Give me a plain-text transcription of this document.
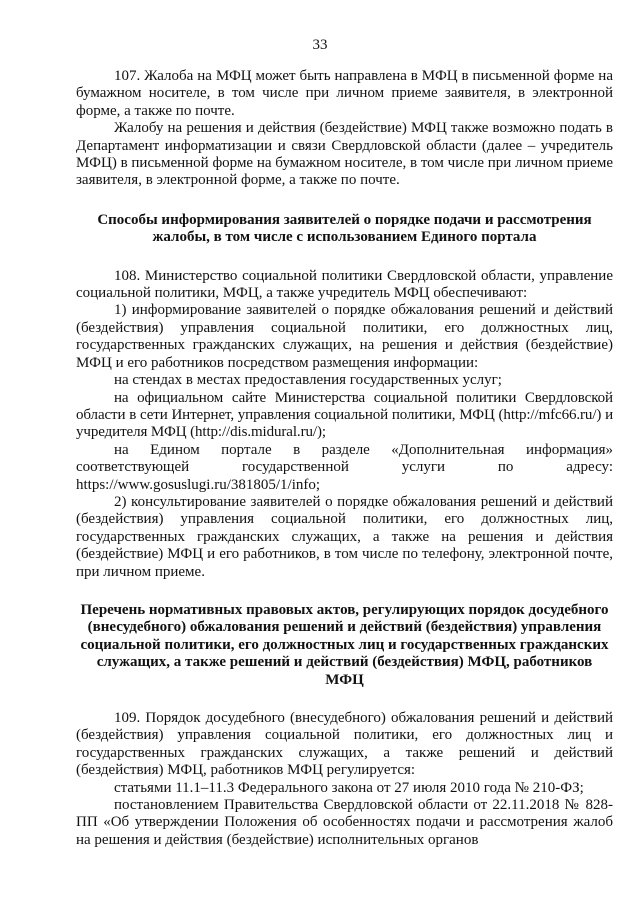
33

107. Жалоба на МФЦ может быть направлена в МФЦ в письменной форме на бумажном носителе, в том числе при личном приеме заявителя, в электронной форме, а также по почте.

Жалобу на решения и действия (бездействие) МФЦ также возможно подать в Департамент информатизации и связи Свердловской области (далее – учредитель МФЦ) в письменной форме на бумажном носителе, в том числе при личном приеме заявителя, в электронной форме, а также по почте.

Способы информирования заявителей о порядке подачи и рассмотрения жалобы, в том числе с использованием Единого портала

108. Министерство социальной политики Свердловской области, управление социальной политики, МФЦ, а также учредитель МФЦ обеспечивают:

1) информирование заявителей о порядке обжалования решений и действий (бездействия) управления социальной политики, его должностных лиц, государственных гражданских служащих, на решения и действия (бездействие) МФЦ и его работников посредством размещения информации:

на стендах в местах предоставления государственных услуг;

на официальном сайте Министерства социальной политики Свердловской области в сети Интернет, управления социальной политики, МФЦ (http://mfc66.ru/) и учредителя МФЦ (http://dis.midural.ru/);

на Едином портале в разделе «Дополнительная информация» соответствующей государственной услуги по адресу: https://www.gosuslugi.ru/381805/1/info;

2) консультирование заявителей о порядке обжалования решений и действий (бездействия) управления социальной политики, его должностных лиц, государственных гражданских служащих, а также на решения и действия (бездействие) МФЦ и его работников, в том числе по телефону, электронной почте, при личном приеме.

Перечень нормативных правовых актов, регулирующих порядок досудебного (внесудебного) обжалования решений и действий (бездействия) управления социальной политики, его должностных лиц и государственных гражданских служащих, а также решений и действий (бездействия) МФЦ, работников МФЦ

109. Порядок досудебного (внесудебного) обжалования решений и действий (бездействия) управления социальной политики, его должностных лиц и государственных гражданских служащих, а также решений и действий (бездействия) МФЦ, работников МФЦ регулируется:

статьями 11.1–11.3 Федерального закона от 27 июля 2010 года № 210-ФЗ;

постановлением Правительства Свердловской области от 22.11.2018 № 828-ПП «Об утверждении Положения об особенностях подачи и рассмотрения жалоб на решения и действия (бездействие) исполнительных органов
